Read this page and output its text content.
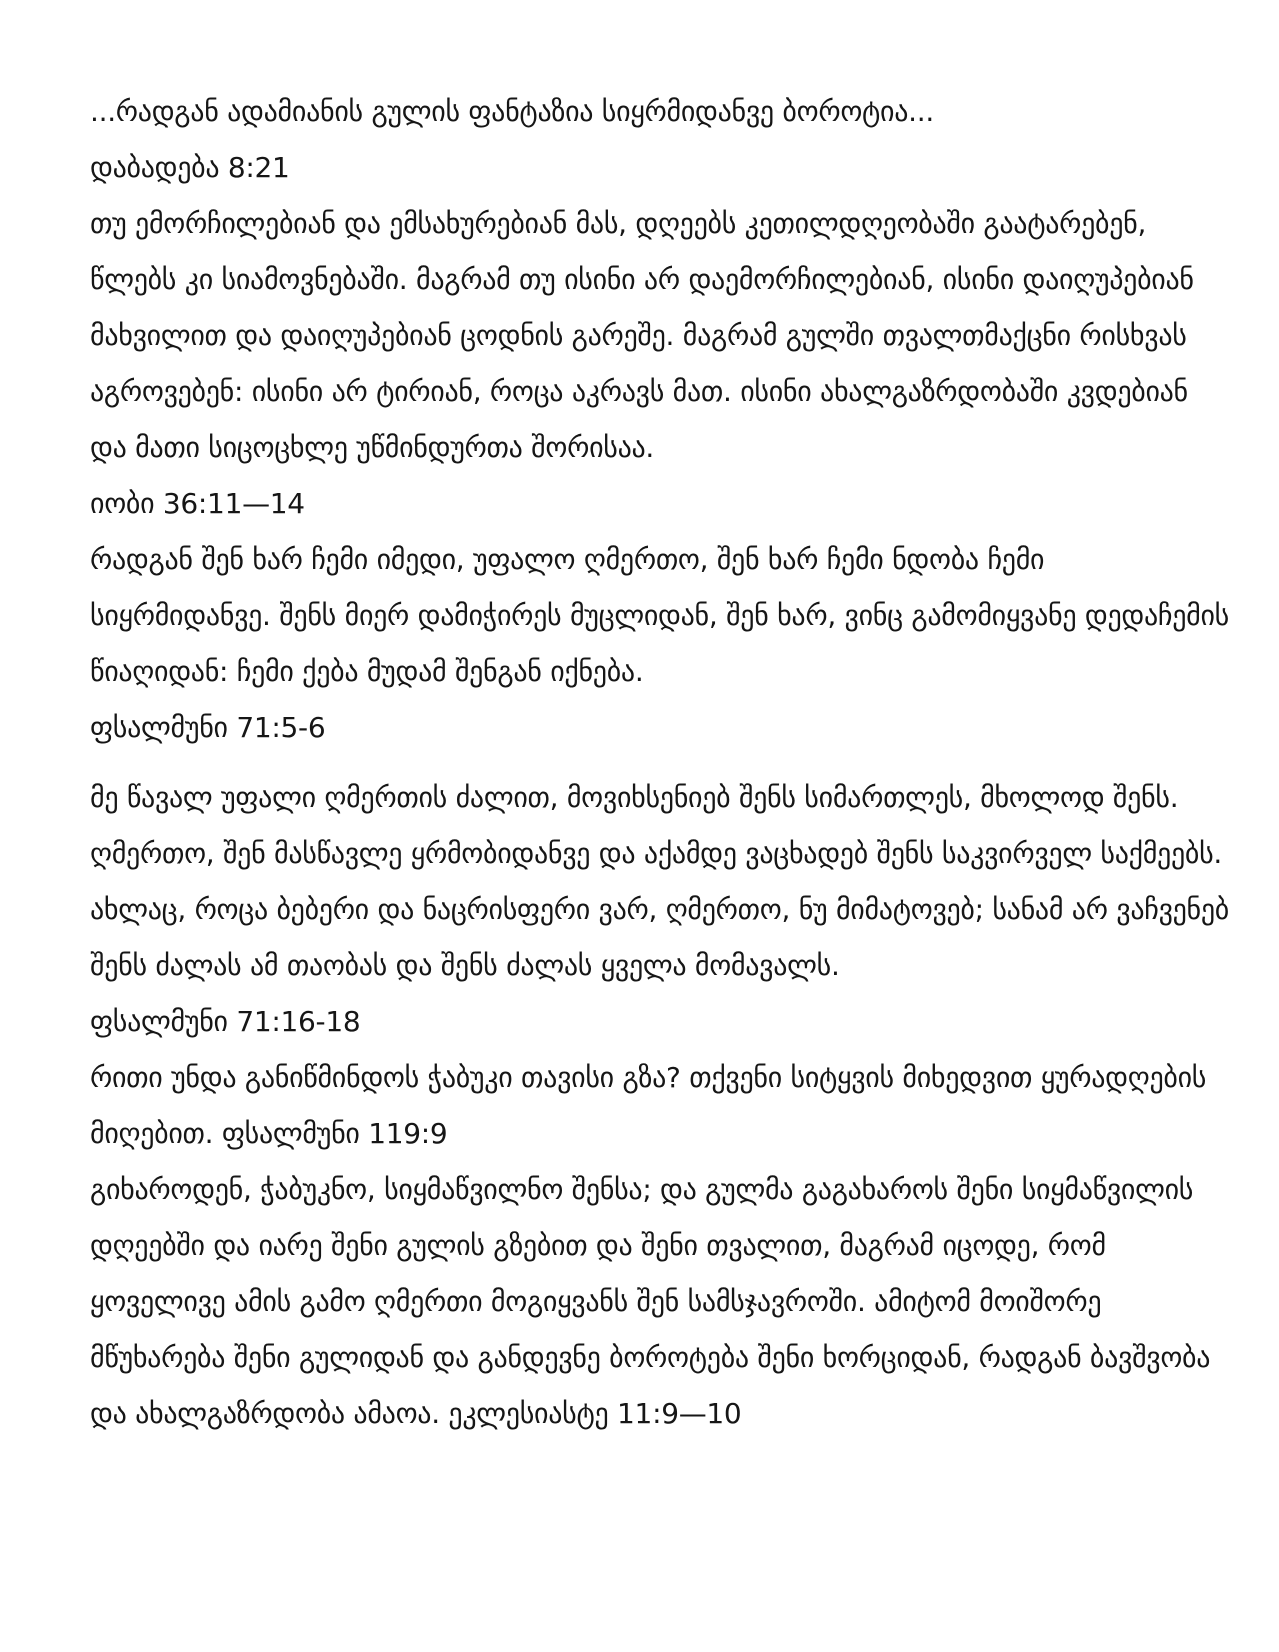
...რადგან ადამიანის გულის ფანტაზია სიყრმიდანვე ბოროტია...

დაბადება 8:21

თუ ემორჩილებიან და ემსახურებიან მას, დღეებს კეთილდღეობაში გაატარებენ, წლებს კი სიამოვნებაში. მაგრამ თუ ისინი არ დაემორჩილებიან, ისინი დაიღუპებიან მახვილით და დაიღუპებიან ცოდნის გარეშე. მაგრამ გულში თვალთმაქცნი რისხვას აგროვებენ: ისინი არ ტირიან, როცა აკრავს მათ. ისინი ახალგაზრდობაში კვდებიან და მათი სიცოცხლე უწმინდურთა შორისაა.

იობი 36:11—14

რადგან შენ ხარ ჩემი იმედი, უფალო ღმერთო, შენ ხარ ჩემი ნდობა ჩემი სიყრმიდანვე. შენს მიერ დამიჭირეს მუცლიდან, შენ ხარ, ვინც გამომიყვანე დედაჩემის წიაღიდან: ჩემი ქება მუდამ შენგან იქნება.

ფსალმუნი 71:5-6

მე წავალ უფალი ღმერთის ძალით, მოვიხსენიებ შენს სიმართლეს, მხოლოდ შენს. ღმერთო, შენ მასწავლე ყრმობიდანვე და აქამდე ვაცხადებ შენს საკვირველ საქმეებს. ახლაც, როცა ბებერი და ნაცრისფერი ვარ, ღმერთო, ნუ მიმატოვებ; სანამ არ ვაჩვენებ შენს ძალას ამ თაობას და შენს ძალას ყველა მომავალს.

ფსალმუნი 71:16-18

რითი უნდა განიწმინდოს ჭაბუკი თავისი გზა? თქვენი სიტყვის მიხედვით ყურადღების მიღებით. ფსალმუნი 119:9

გიხაროდენ, ჭაბუკნო, სიყმაწვილნო შენსა; და გულმა გაგახაროს შენი სიყმაწვილის დღეებში და იარე შენი გულის გზებით და შენი თვალით, მაგრამ იცოდე, რომ ყოველივე ამის გამო ღმერთი მოგიყვანს შენ სამსჯავროში. ამიტომ მოიშორე მწუხარება შენი გულიდან და განდევნე ბოროტება შენი ხორციდან, რადგან ბავშვობა და ახალგაზრდობა ამაოა. ეკლესიასტე 11:9—10
